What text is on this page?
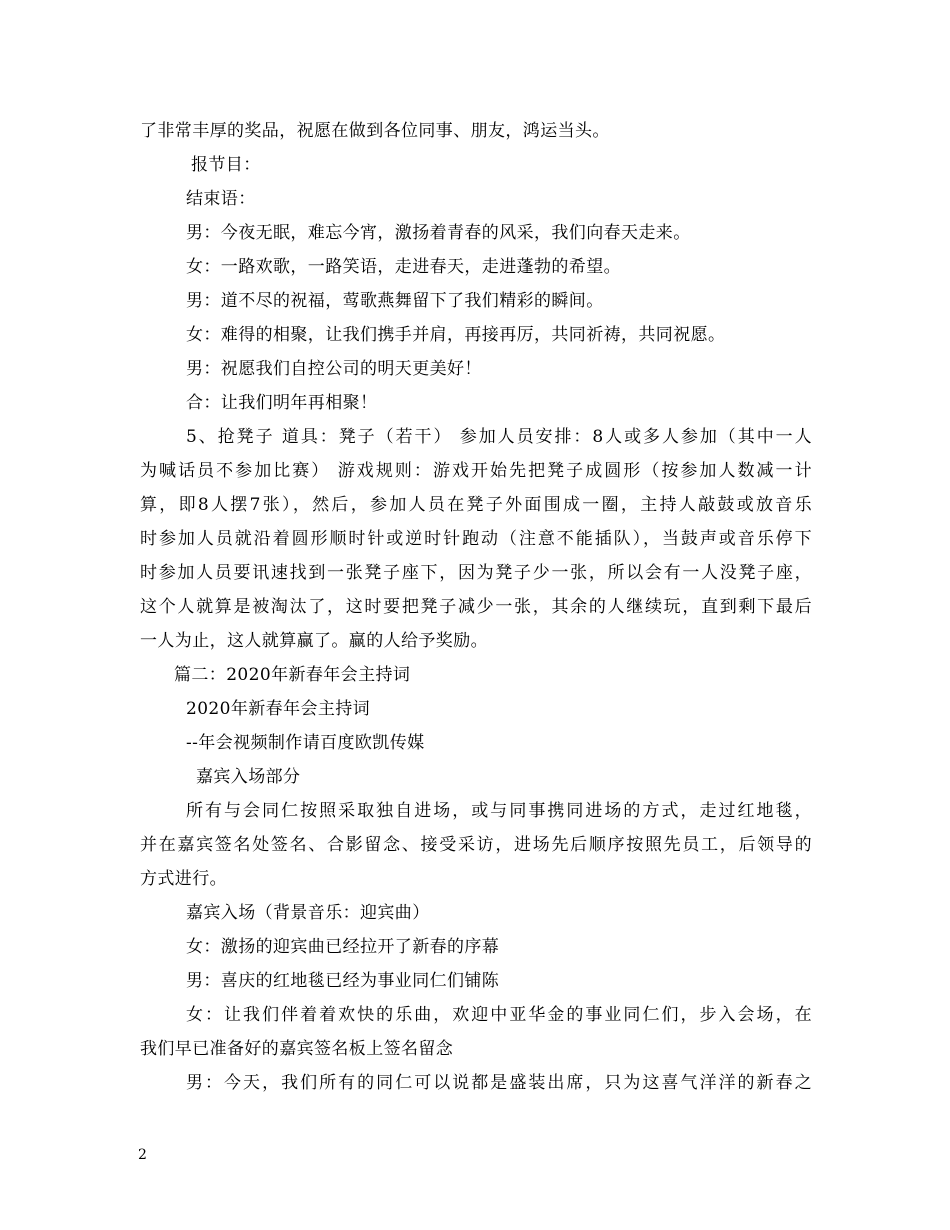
了非常丰厚的奖品，祝愿在做到各位同事、朋友，鸿运当头。
报节目：
结束语：
男：今夜无眠，难忘今宵，激扬着青春的风采，我们向春天走来。
女：一路欢歌，一路笑语，走进春天，走进蓬勃的希望。
男：道不尽的祝福，莺歌燕舞留下了我们精彩的瞬间。
女：难得的相聚，让我们携手并肩，再接再厉，共同祈祷，共同祝愿。
男：祝愿我们自控公司的明天更美好！
合：让我们明年再相聚！
5、抢凳子 道具：凳子（若干） 参加人员安排：8人或多人参加（其中一人
为喊话员不参加比赛） 游戏规则：游戏开始先把凳子成圆形（按参加人数减一计
算，即8人摆7张），然后，参加人员在凳子外面围成一圈，主持人敲鼓或放音乐
时参加人员就沿着圆形顺时针或逆时针跑动（注意不能插队），当鼓声或音乐停下
时参加人员要讯速找到一张凳子座下，因为凳子少一张，所以会有一人没凳子座，
这个人就算是被淘汰了，这时要把凳子减少一张，其余的人继续玩，直到剩下最后
一人为止，这人就算赢了。赢的人给予奖励。
篇二：2020年新春年会主持词
2020年新春年会主持词
--年会视频制作请百度欧凯传媒
嘉宾入场部分
所有与会同仁按照采取独自进场，或与同事携同进场的方式，走过红地毯，
并在嘉宾签名处签名、合影留念、接受采访，进场先后顺序按照先员工，后领导的
方式进行。
嘉宾入场（背景音乐：迎宾曲）
女：激扬的迎宾曲已经拉开了新春的序幕
男：喜庆的红地毯已经为事业同仁们铺陈
女：让我们伴着着欢快的乐曲，欢迎中亚华金的事业同仁们，步入会场，在
我们早已准备好的嘉宾签名板上签名留念
男：今天，我们所有的同仁可以说都是盛装出席，只为这喜气洋洋的新春之
2
